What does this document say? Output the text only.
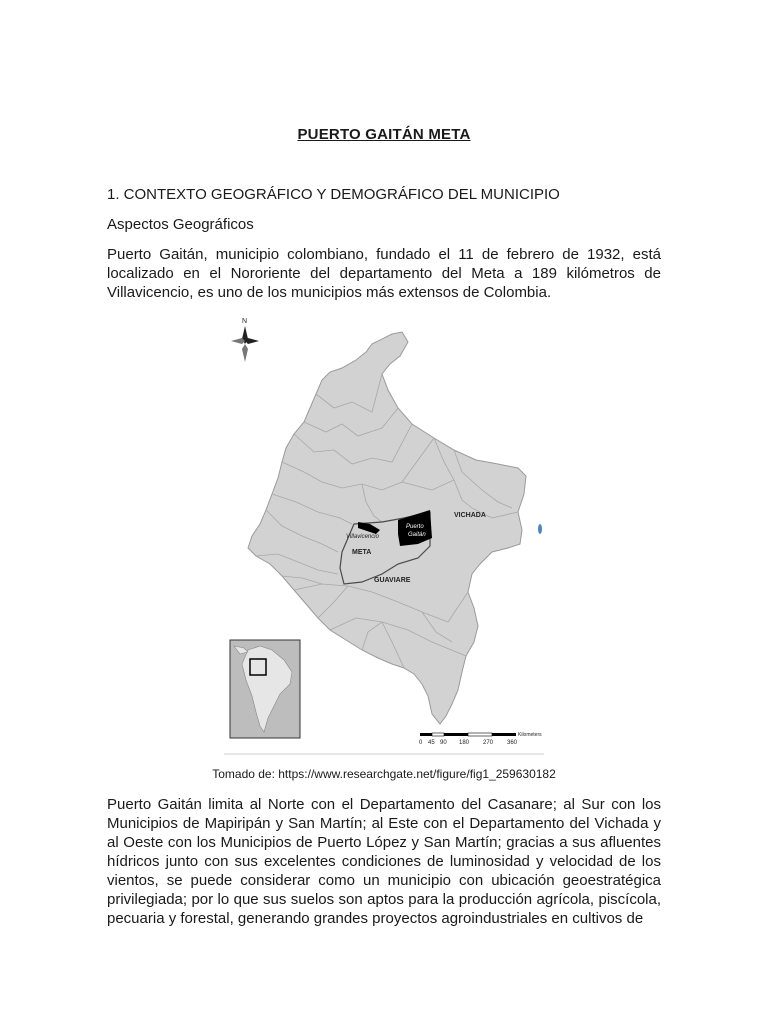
PUERTO GAITÁN META
1. CONTEXTO GEOGRÁFICO Y DEMOGRÁFICO DEL MUNICIPIO
Aspectos Geográficos
Puerto Gaitán, municipio colombiano, fundado el 11 de febrero de 1932, está localizado en el Nororiente del departamento del Meta a 189 kilómetros de Villavicencio, es uno de los municipios más extensos de Colombia.
N
Puerto
Gaitán
Villavicencio
VICHADA
META
GUAVIARE
Kilometers
0 45 90 180 270 360
Tomado de: https://www.researchgate.net/figure/fig1_259630182
Puerto Gaitán limita al Norte con el Departamento del Casanare; al Sur con los Municipios de Mapiripán y San Martín; al Este con el Departamento del Vichada y al Oeste con los Municipios de Puerto López y San Martín; gracias a sus afluentes hídricos junto con sus excelentes condiciones de luminosidad y velocidad de los vientos, se puede considerar como un municipio con ubicación geoestratégica privilegiada; por lo que sus suelos son aptos para la producción agrícola, piscícola, pecuaria y forestal, generando grandes proyectos agroindustriales en cultivos de
